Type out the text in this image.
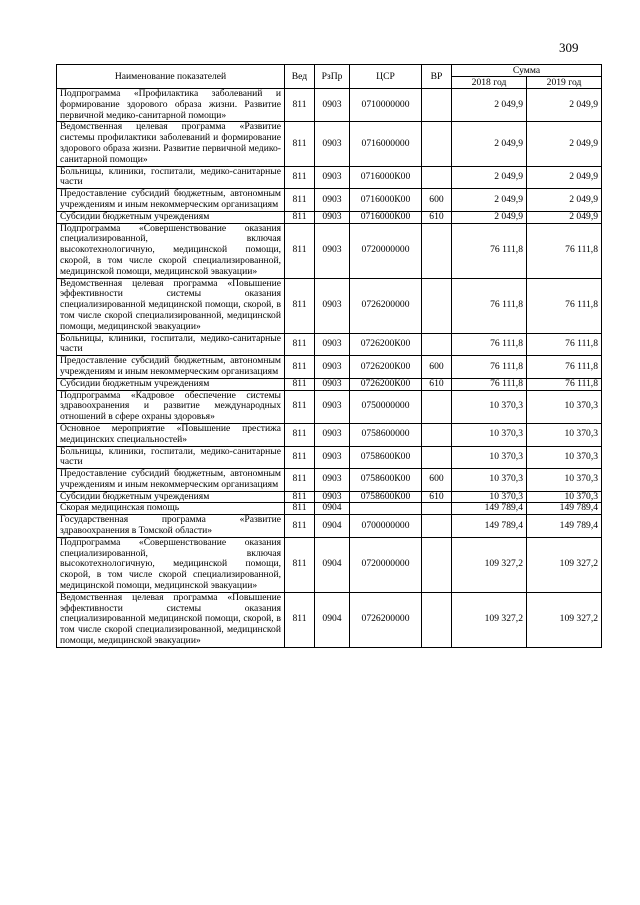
309
Наименование показателей	Вед	РзПр	ЦСР	ВР	Сумма	
					2018 год	2019 год
Подпрограмма «Профилактика заболеваний и формирование здорового образа жизни. Развитие первичной медико-санитарной помощи»	811	0903	0710000000		2 049,9	2 049,9
Ведомственная целевая программа «Развитие системы профилактики заболеваний и формирование здорового образа жизни. Развитие первичной медико-санитарной помощи»	811	0903	0716000000		2 049,9	2 049,9
Больницы, клиники, госпитали, медико-санитарные части	811	0903	0716000К00		2 049,9	2 049,9
Предоставление субсидий бюджетным, автономным учреждениям и иным некоммерческим организациям	811	0903	0716000К00	600	2 049,9	2 049,9
Субсидии бюджетным учреждениям	811	0903	0716000К00	610	2 049,9	2 049,9
Подпрограмма «Совершенствование оказания специализированной, включая высокотехнологичную, медицинской помощи, скорой, в том числе скорой специализированной, медицинской помощи, медицинской эвакуации»	811	0903	0720000000		76 111,8	76 111,8
Ведомственная целевая программа «Повышение эффективности системы оказания специализированной медицинской помощи, скорой, в том числе скорой специализированной, медицинской помощи, медицинской эвакуации»	811	0903	0726200000		76 111,8	76 111,8
Больницы, клиники, госпитали, медико-санитарные части	811	0903	0726200К00		76 111,8	76 111,8
Предоставление субсидий бюджетным, автономным учреждениям и иным некоммерческим организациям	811	0903	0726200К00	600	76 111,8	76 111,8
Субсидии бюджетным учреждениям	811	0903	0726200К00	610	76 111,8	76 111,8
Подпрограмма «Кадровое обеспечение системы здравоохранения и развитие международных отношений в сфере охраны здоровья»	811	0903	0750000000		10 370,3	10 370,3
Основное мероприятие «Повышение престижа медицинских специальностей»	811	0903	0758600000		10 370,3	10 370,3
Больницы, клиники, госпитали, медико-санитарные части	811	0903	0758600К00		10 370,3	10 370,3
Предоставление субсидий бюджетным, автономным учреждениям и иным некоммерческим организациям	811	0903	0758600К00	600	10 370,3	10 370,3
Субсидии бюджетным учреждениям	811	0903	0758600К00	610	10 370,3	10 370,3
Скорая медицинская помощь	811	0904			149 789,4	149 789,4
Государственная программа «Развитие здравоохранения в Томской области»	811	0904	0700000000		149 789,4	149 789,4
Подпрограмма «Совершенствование оказания специализированной, включая высокотехнологичную, медицинской помощи, скорой, в том числе скорой специализированной, медицинской помощи, медицинской эвакуации»	811	0904	0720000000		109 327,2	109 327,2
Ведомственная целевая программа «Повышение эффективности системы оказания специализированной медицинской помощи, скорой, в том числе скорой специализированной, медицинской помощи, медицинской эвакуации»	811	0904	0726200000		109 327,2	109 327,2
